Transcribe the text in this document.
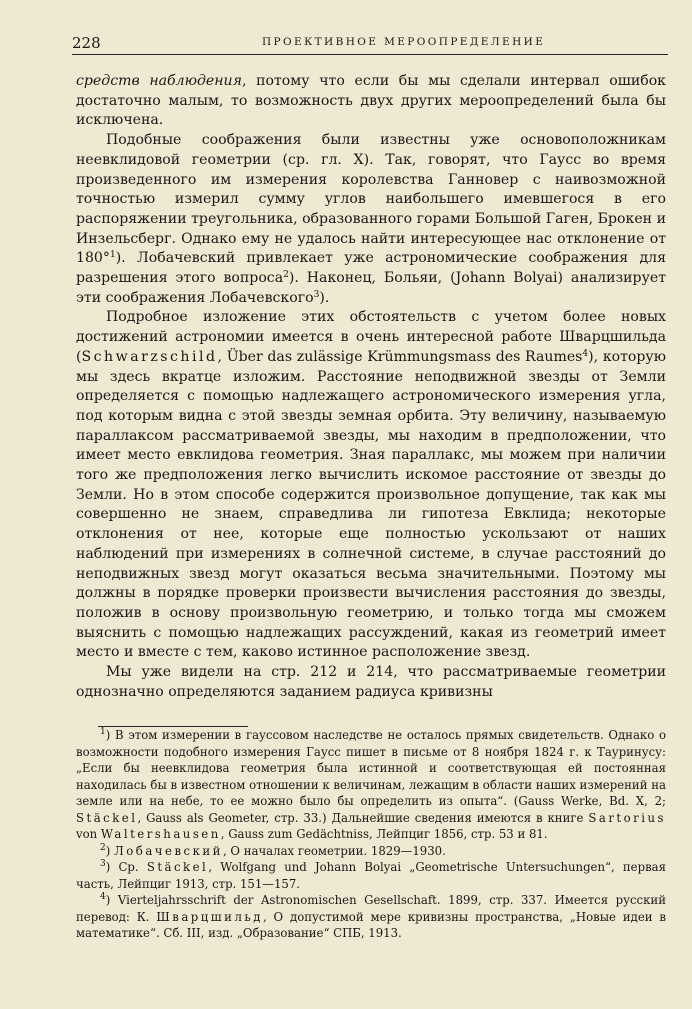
228	ПРОЕКТИВНОЕ МЕРООПРЕДЕЛЕНИЕ

средств наблюдения, потому что если бы мы сделали интервал ошибок достаточно малым, то возможность двух других мероопределений была бы исключена.

Подобные соображения были известны уже основоположникам неевклидовой геометрии (ср. гл. X). Так, говорят, что Гаусс во время произведенного им измерения королевства Ганновер с наивозможной точностью измерил сумму углов наибольшего имевшегося в его распоряжении треугольника, образованного горами Большой Гаген, Брокен и Инзельсберг. Однако ему не удалось найти интересующее нас отклонение от 180°$^1$). Лобачевский привлекает уже астрономические соображения для разрешения этого вопроса$^2$). Наконец, Больяи, (Johann Bolyai) анализирует эти соображения Лобачевского$^3$).

Подробное изложение этих обстоятельств с учетом более новых достижений астрономии имеется в очень интересной работе Шварцшильда (Schwarzschild, Über das zulässige Krümmungsmass des Raumes$^4$), которую мы здесь вкратце изложим. Расстояние неподвижной звезды от Земли определяется с помощью надлежащего астрономического измерения угла, под которым видна с этой звезды земная орбита. Эту величину, называемую параллаксом рассматриваемой звезды, мы находим в предположении, что имеет место евклидова геометрия. Зная параллакс, мы можем при наличии того же предположения легко вычислить искомое расстояние от звезды до Земли. Но в этом способе содержится произвольное допущение, так как мы совершенно не знаем, справедлива ли гипотеза Евклида; некоторые отклонения от нее, которые еще полностью ускользают от наших наблюдений при измерениях в солнечной системе, в случае расстояний до неподвижных звезд могут оказаться весьма значительными. Поэтому мы должны в порядке проверки произвести вычисления расстояния до звезды, положив в основу произвольную геометрию, и только тогда мы сможем выяснить с помощью надлежащих рассуждений, какая из геометрий имеет место и вместе с тем, каково истинное расположение звезд.

Мы уже видели на стр. 212 и 214, что рассматриваемые геометрии однозначно определяются заданием радиуса кривизны

$^1$) В этом измерении в гауссовом наследстве не осталось прямых свидетельств. Однако о возможности подобного измерения Гаусс пишет в письме от 8 ноября 1824 г. к Тауринусу: „Если бы неевклидова геометрия была истинной и соответствующая ей постоянная находилась бы в известном отношении к величинам, лежащим в области наших измерений на земле или на небе, то ее можно было бы определить из опыта“. (Gauss Werke, Bd. X, 2; Stäckel, Gauss als Geometer, стр. 33.) Дальнейшие сведения имеются в книге Sartorius von Waltershausen, Gauss zum Gedächtniss, Лейпциг 1856, стр. 53 и 81.

$^2$) Лобачевский, О началах геометрии. 1829—1930.

$^3$) Ср. Stäckel, Wolfgang und Johann Bolyai „Geometrische Untersuchungen“, первая часть, Лейпциг 1913, стр. 151—157.

$^4$) Vierteljahrsschrift der Astronomischen Gesellschaft. 1899, стр. 337. Имеется русский перевод: К. Шварцшильд, О допустимой мере кривизны пространства, „Новые идеи в математике“. Сб. III, изд. „Образование“ СПБ, 1913.
